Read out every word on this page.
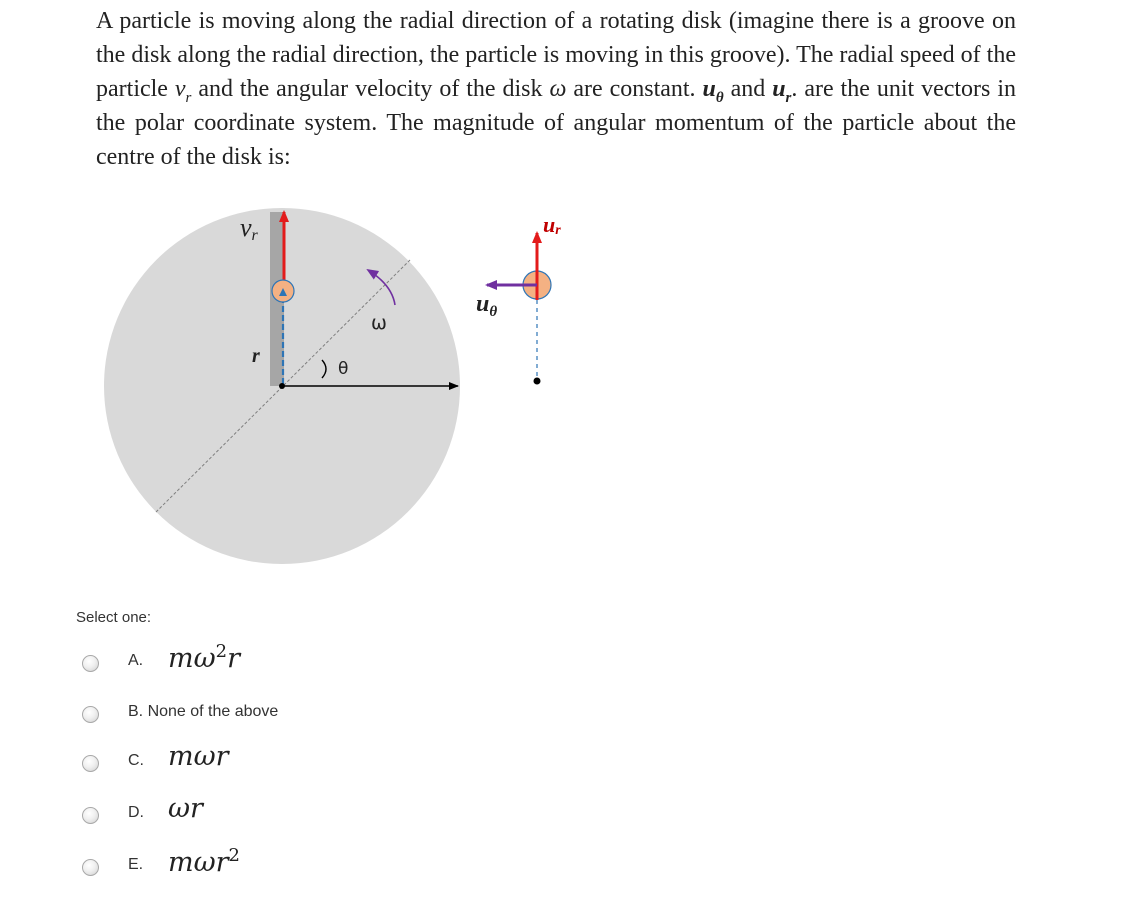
A particle is moving along the radial direction of a rotating disk (imagine there is a groove on the disk along the radial direction, the particle is moving in this groove). The radial speed of the particle $v_r$ and the angular velocity of the disk ω are constant. $u_\theta$ and $u_r$. are the unit vectors in the polar coordinate system. The magnitude of angular momentum of the particle about the centre of the disk is:
vr
r
θ
ω
ur
$u_\theta$
Select one:
A. $m\omega^2r$
B. None of the above
C. mωr
D. ωr
E. mωr$^2$
